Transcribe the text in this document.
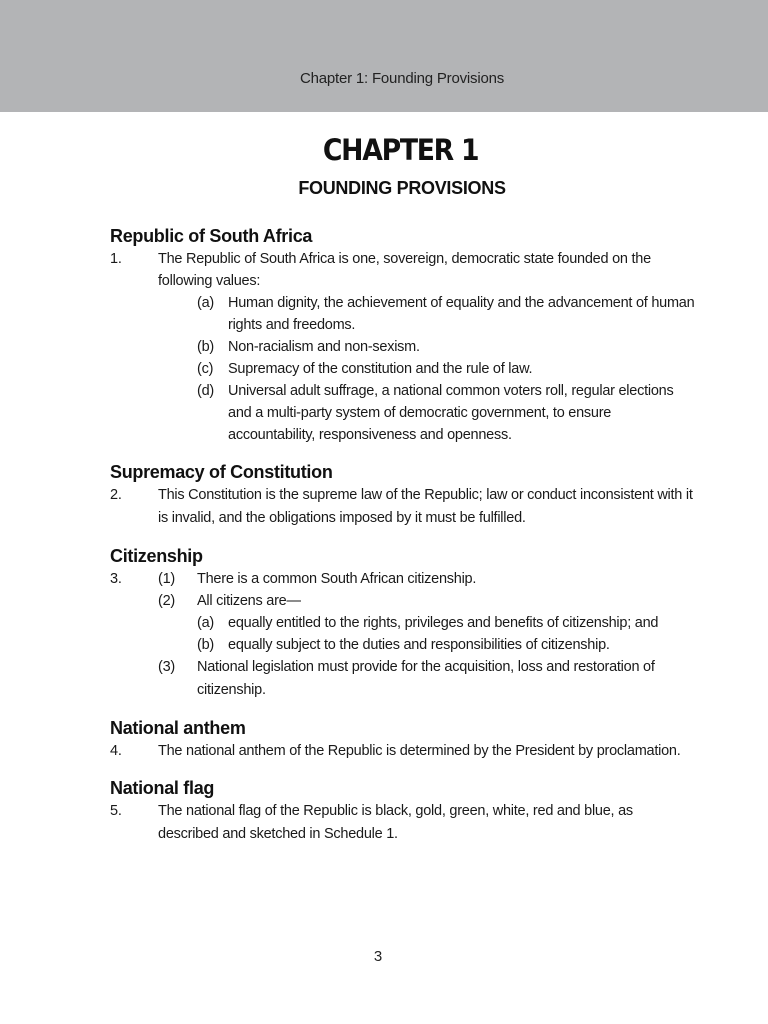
Chapter 1: Founding Provisions
CHAPTER 1
FOUNDING PROVISIONS
Republic of South Africa
1.	The Republic of South Africa is one, sovereign, democratic state founded on the following values:
(a) Human dignity, the achievement of equality and the advancement of human rights and freedoms.
(b) Non-racialism and non-sexism.
(c)	Supremacy of the constitution and the rule of law.
(d) Universal adult suffrage, a national common voters roll, regular elections and a multi-party system of democratic government, to ensure accountability, responsiveness and openness.
Supremacy of Constitution
2.	This Constitution is the supreme law of the Republic; law or conduct inconsistent with it is invalid, and the obligations imposed by it must be fulfilled.
Citizenship
3.	(1)	There is a common South African citizenship.
(2)	All citizens are—
(a) equally entitled to the rights, privileges and benefits of citizenship; and
(b) equally subject to the duties and responsibilities of citizenship.
(3)	National legislation must provide for the acquisition, loss and restoration of citizenship.
National anthem
4.	The national anthem of the Republic is determined by the President by proclamation.
National flag
5.	The national flag of the Republic is black, gold, green, white, red and blue, as described and sketched in Schedule 1.
3
